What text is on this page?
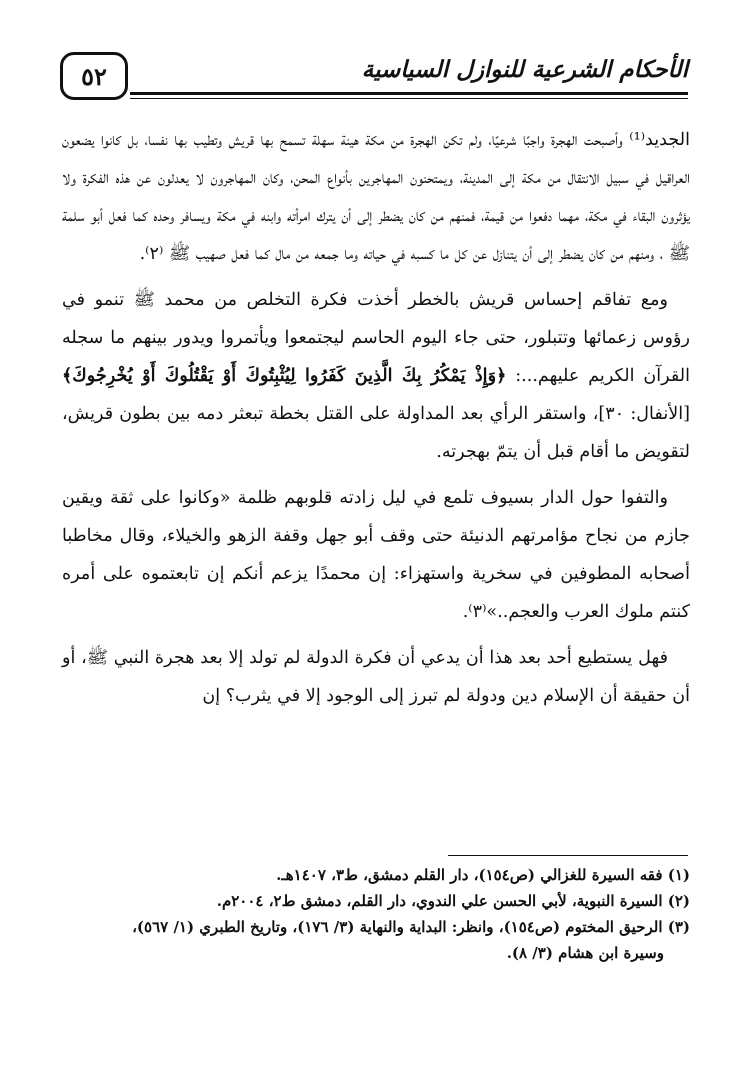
٥٢	الأحكام الشرعية للنوازل السياسية

الجديد⁽¹⁾ وأصبحت الهجرة واجبًا شرعيًا، ولم تكن الهجرة من مكة هينة سهلة تسمح بها قريش وتطيب بها نفسا، بل كانوا يضعون العراقيل في سبيل الانتقال من مكة إلى المدينة، ويمتحنون المهاجرين بأنواع المحن، وكان المهاجرون لا يعدلون عن هذه الفكرة ولا يؤثرون البقاء في مكة، مهما دفعوا من قيمة، فمنهم من كان يضطر إلى أن يترك امرأته وابنه في مكة ويسافر وحده كما فعل أبو سلمة ﷺ ، ومنهم من كان يضطر إلى أن يتنازل عن كل ما كسبه في حياته وما جمعه من مال كما فعل صهيب ﷺ ⁽٢⁾.

ومع تفاقم إحساس قريش بالخطر أخذت فكرة التخلص من محمد ﷺ تنمو في رؤوس زعمائها وتتبلور، حتى جاء اليوم الحاسم ليجتمعوا ويأتمروا ويدور بينهم ما سجله القرآن الكريم عليهم...: ﴿وَإِذْ يَمْكُرُ بِكَ الَّذِينَ كَفَرُوا لِيُثْبِتُوكَ أَوْ يَقْتُلُوكَ أَوْ يُخْرِجُوكَ﴾ [الأنفال: ٣٠]، واستقر الرأي بعد المداولة على القتل بخطة تبعثر دمه بين بطون قريش، لتقويض ما أقام قبل أن يتمّ بهجرته.

والتفوا حول الدار بسيوف تلمع في ليل زادته قلوبهم ظلمة «وكانوا على ثقة ويقين جازم من نجاح مؤامرتهم الدنيئة حتى وقف أبو جهل وقفة الزهو والخيلاء، وقال مخاطبا أصحابه المطوفين في سخرية واستهزاء: إن محمدًا يزعم أنكم إن تابعتموه على أمره كنتم ملوك العرب والعجم..»⁽٣⁾.

فهل يستطيع أحد بعد هذا أن يدعي أن فكرة الدولة لم تولد إلا بعد هجرة النبي ﷺ، أو أن حقيقة أن الإسلام دين ودولة لم تبرز إلى الوجود إلا في يثرب؟ إن

(١) فقه السيرة للغزالي (ص١٥٤)، دار القلم دمشق، ط٣، ١٤٠٧هـ.
(٢) السيرة النبوية، لأبي الحسن علي الندوي، دار القلم، دمشق ط٢، ٢٠٠٤م.
(٣) الرحيق المختوم (ص١٥٤)، وانظر: البداية والنهاية (٣/ ١٧٦)، وتاريخ الطبري (١/ ٥٦٧)،
وسيرة ابن هشام (٣/ ٨).
